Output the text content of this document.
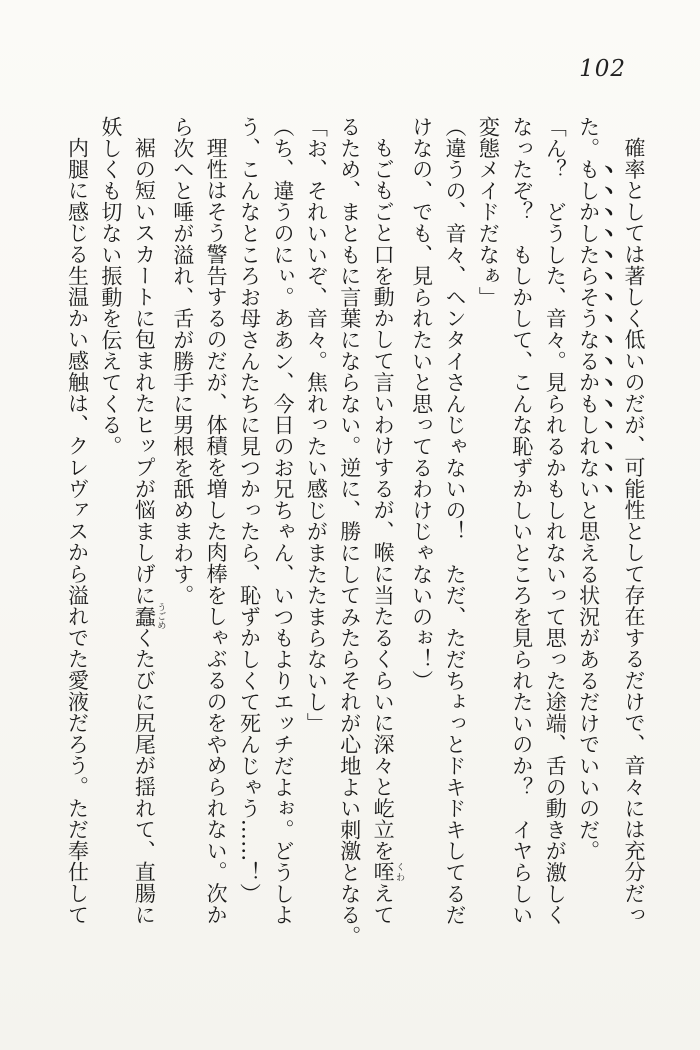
102
確率としては著しく低いのだが、可能性として存在するだけで、音々には充分だっ
た。もしかしたらそうなるかもしれないと思える状況があるだけでいいのだ。
「ん？　どうした、音々。見られるかもしれないって思った途端、舌の動きが激しく
なったぞ？　もしかして、こんな恥ずかしいところを見られたいのか？　イヤらしい
変態メイドだなぁ」
（違うの、音々、ヘンタイさんじゃないの！　ただ、ただちょっとドキドキしてるだ
けなの、でも、見られたいと思ってるわけじゃないのぉ！）
もごもごと口を動かして言いわけするが、喉に当たるくらいに深々と屹立を咥 くわえて
るため、まともに言葉にならない。逆に、勝にしてみたらそれが心地よい刺激となる。
「お、それいいぞ、音々。焦れったい感じがまたたまらないし」
（ち、違うのにぃ。ああン、今日のお兄ちゃん、いつもよりエッチだよぉ。どうしよ
う、こんなところお母さんたちに見つかったら、恥ずかしくて死んじゃう……！）
理性はそう警告するのだが、体積を増した肉棒をしゃぶるのをやめられない。次か
ら次へと唾が溢れ、舌が勝手に男根を舐めまわす。
裾の短いスカートに包まれたヒップが悩ましげに蠢 うごめくたびに尻尾が揺れて、直腸に
妖しくも切ない振動を伝えてくる。
内腿に感じる生温かい感触は、クレヴァスから溢れでた愛液だろう。ただ奉仕して
